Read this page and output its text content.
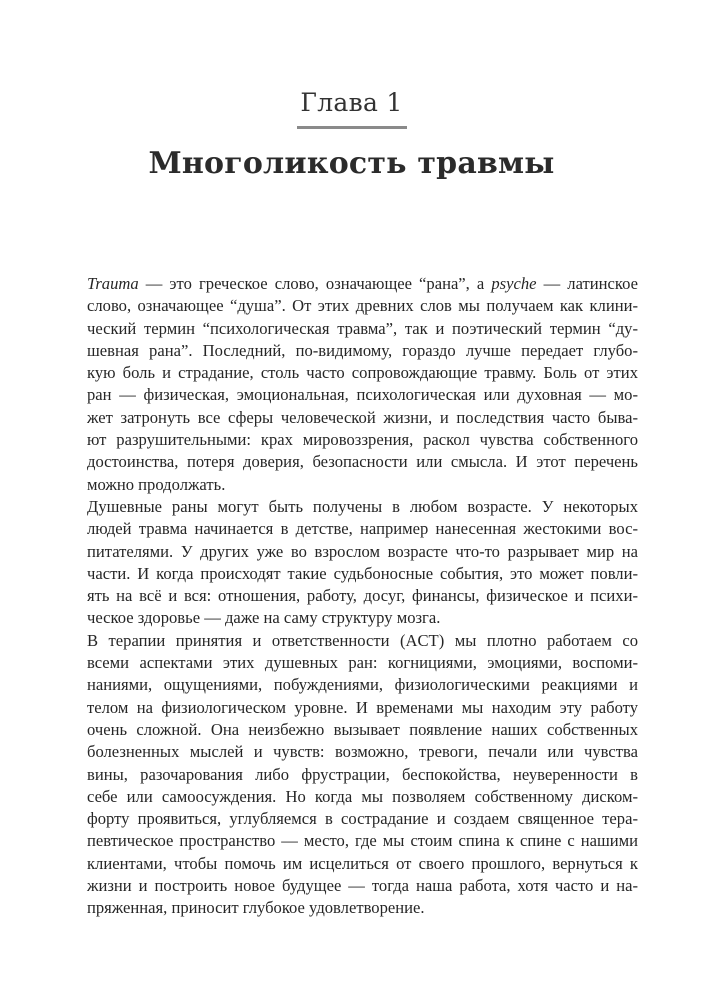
Глава 1
Многоликость травмы
Trauma — это греческое слово, означающее “рана”, а psyche — латинское
слово, означающее “душа”. От этих древних слов мы получаем как клини-
ческий термин “психологическая травма”, так и поэтический термин “ду-
шевная рана”. Последний, по-видимому, гораздо лучше передает глубо-
кую боль и страдание, столь часто сопровождающие травму. Боль от этих
ран — физическая, эмоциональная, психологическая или духовная — мо-
жет затронуть все сферы человеческой жизни, и последствия часто быва-
ют разрушительными: крах мировоззрения, раскол чувства собственного
достоинства, потеря доверия, безопасности или смысла. И этот перечень
можно продолжать.
Душевные раны могут быть получены в любом возрасте. У некоторых
людей травма начинается в детстве, например нанесенная жестокими вос-
питателями. У других уже во взрослом возрасте что-то разрывает мир на
части. И когда происходят такие судьбоносные события, это может повли-
ять на всё и вся: отношения, работу, досуг, финансы, физическое и психи-
ческое здоровье — даже на саму структуру мозга.
В терапии принятия и ответственности (ACT) мы плотно работаем со
всеми аспектами этих душевных ран: когнициями, эмоциями, воспоми-
наниями, ощущениями, побуждениями, физиологическими реакциями и
телом на физиологическом уровне. И временами мы находим эту работу
очень сложной. Она неизбежно вызывает появление наших собственных
болезненных мыслей и чувств: возможно, тревоги, печали или чувства
вины, разочарования либо фрустрации, беспокойства, неуверенности в
себе или самоосуждения. Но когда мы позволяем собственному диском-
форту проявиться, углубляемся в сострадание и создаем священное тера-
певтическое пространство — место, где мы стоим спина к спине с нашими
клиентами, чтобы помочь им исцелиться от своего прошлого, вернуться к
жизни и построить новое будущее — тогда наша работа, хотя часто и на-
пряженная, приносит глубокое удовлетворение.
